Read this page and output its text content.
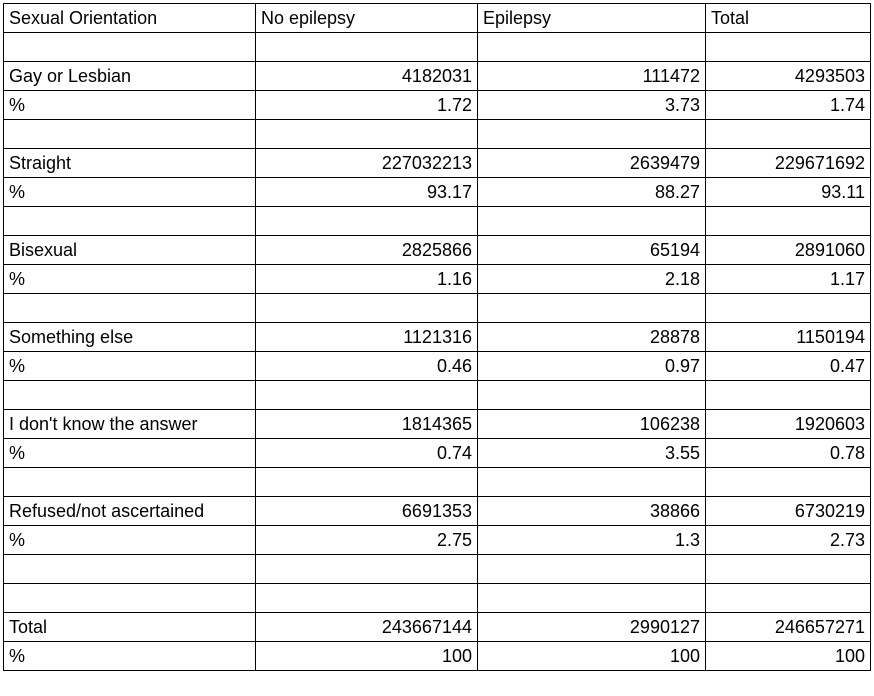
Sexual Orientation	No epilepsy	Epilepsy	Total

Gay or Lesbian	4182031	111472	4293503
%	1.72	3.73	1.74

Straight	227032213	2639479	229671692
%	93.17	88.27	93.11

Bisexual	2825866	65194	2891060
%	1.16	2.18	1.17

Something else	1121316	28878	1150194
%	0.46	0.97	0.47

I don't know the answer	1814365	106238	1920603
%	0.74	3.55	0.78

Refused/not ascertained	6691353	38866	6730219
%	2.75	1.3	2.73

Total	243667144	2990127	246657271
%	100	100	100
